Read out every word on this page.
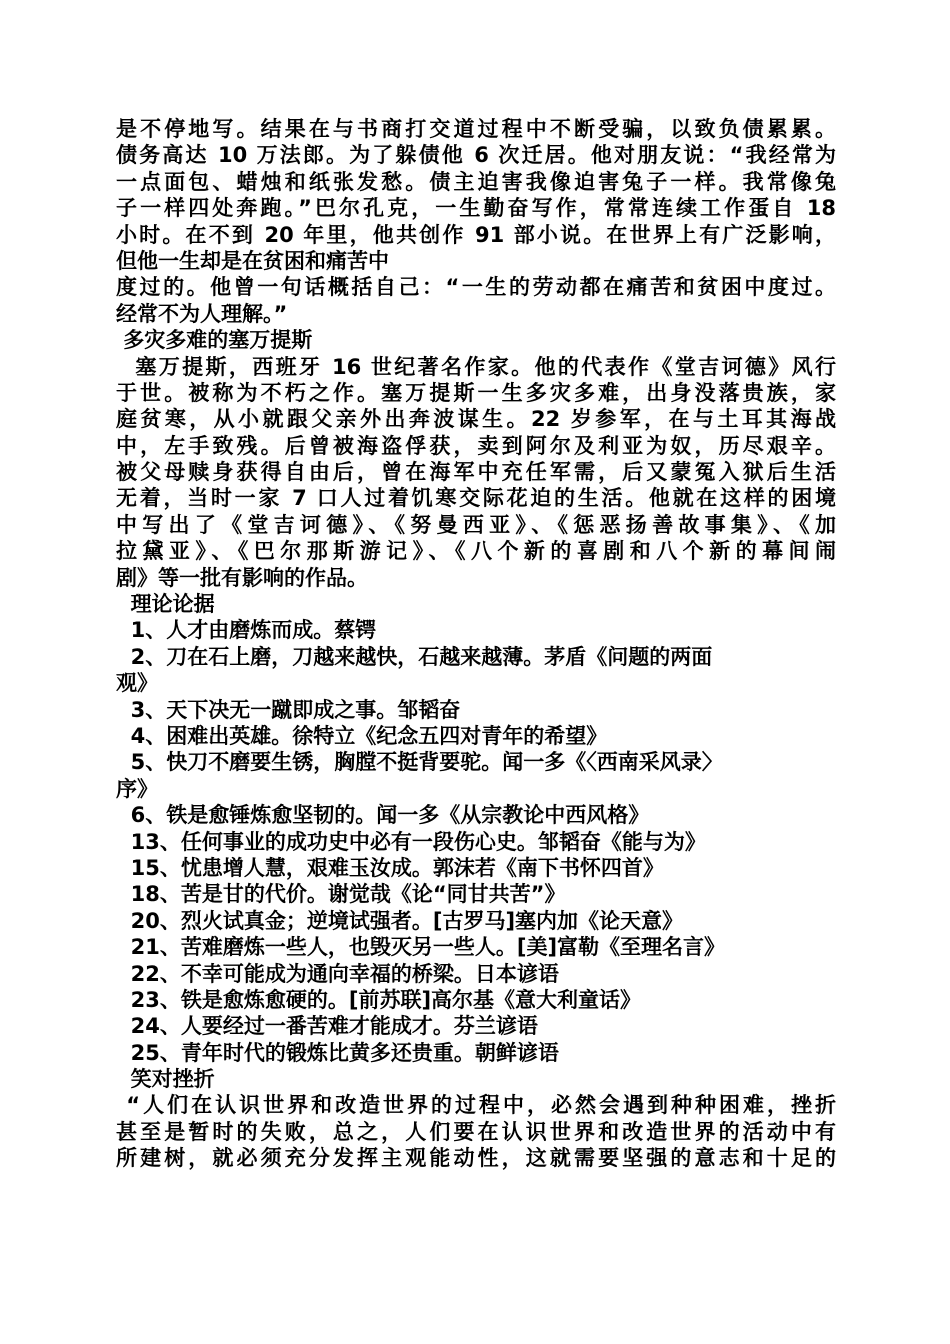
是不停地写。结果在与书商打交道过程中不断受骗，以致负债累累。
债务高达 10 万法郎。为了躲债他 6 次迁居。他对朋友说：“我经常为
一点面包、蜡烛和纸张发愁。债主迫害我像迫害兔子一样。我常像兔
子一样四处奔跑。”巴尔孔克，一生勤奋写作，常常连续工作蛋自 18
小时。在不到 20 年里，他共创作 91 部小说。在世界上有广泛影响，
但他一生却是在贫困和痛苦中
度过的。他曾一句话概括自己：“一生的劳动都在痛苦和贫困中度过。
经常不为人理解。”
多灾多难的塞万提斯
塞万提斯，西班牙 16 世纪著名作家。他的代表作《堂吉诃德》风行
于世。被称为不朽之作。塞万提斯一生多灾多难，出身没落贵族，家
庭贫寒，从小就跟父亲外出奔波谋生。22 岁参军，在与土耳其海战
中，左手致残。后曾被海盗俘获，卖到阿尔及利亚为奴，历尽艰辛。
被父母赎身获得自由后，曾在海军中充任军需，后又蒙冤入狱后生活
无着，当时一家 7 口人过着饥寒交际花迫的生活。他就在这样的困境
中写出了《堂吉诃德》、《努曼西亚》、《惩恶扬善故事集》、《加
拉黛亚》、《巴尔那斯游记》、《八个新的喜剧和八个新的幕间闹
剧》等一批有影响的作品。
理论论据
1、人才由磨炼而成。蔡锷
2、刀在石上磨，刀越来越快，石越来越薄。茅盾《问题的两面
观》
3、天下决无一蹴即成之事。邹韬奋
4、困难出英雄。徐特立《纪念五四对青年的希望》
5、快刀不磨要生锈，胸膛不挺背要驼。闻一多《〈西南采风录〉
序》
6、铁是愈锤炼愈坚韧的。闻一多《从宗教论中西风格》
13、任何事业的成功史中必有一段伤心史。邹韬奋《能与为》
15、忧患增人慧，艰难玉汝成。郭沫若《南下书怀四首》
18、苦是甘的代价。谢觉哉《论“同甘共苦”》
20、烈火试真金；逆境试强者。[古罗马]塞内加《论天意》
21、苦难磨炼一些人，也毁灭另一些人。[美]富勒《至理名言》
22、不幸可能成为通向幸福的桥梁。日本谚语
23、铁是愈炼愈硬的。[前苏联]高尔基《意大利童话》
24、人要经过一番苦难才能成才。芬兰谚语
25、青年时代的锻炼比黄多还贵重。朝鲜谚语
笑对挫折
“人们在认识世界和改造世界的过程中，必然会遇到种种困难，挫折
甚至是暂时的失败，总之，人们要在认识世界和改造世界的活动中有
所建树，就必须充分发挥主观能动性，这就需要坚强的意志和十足的
